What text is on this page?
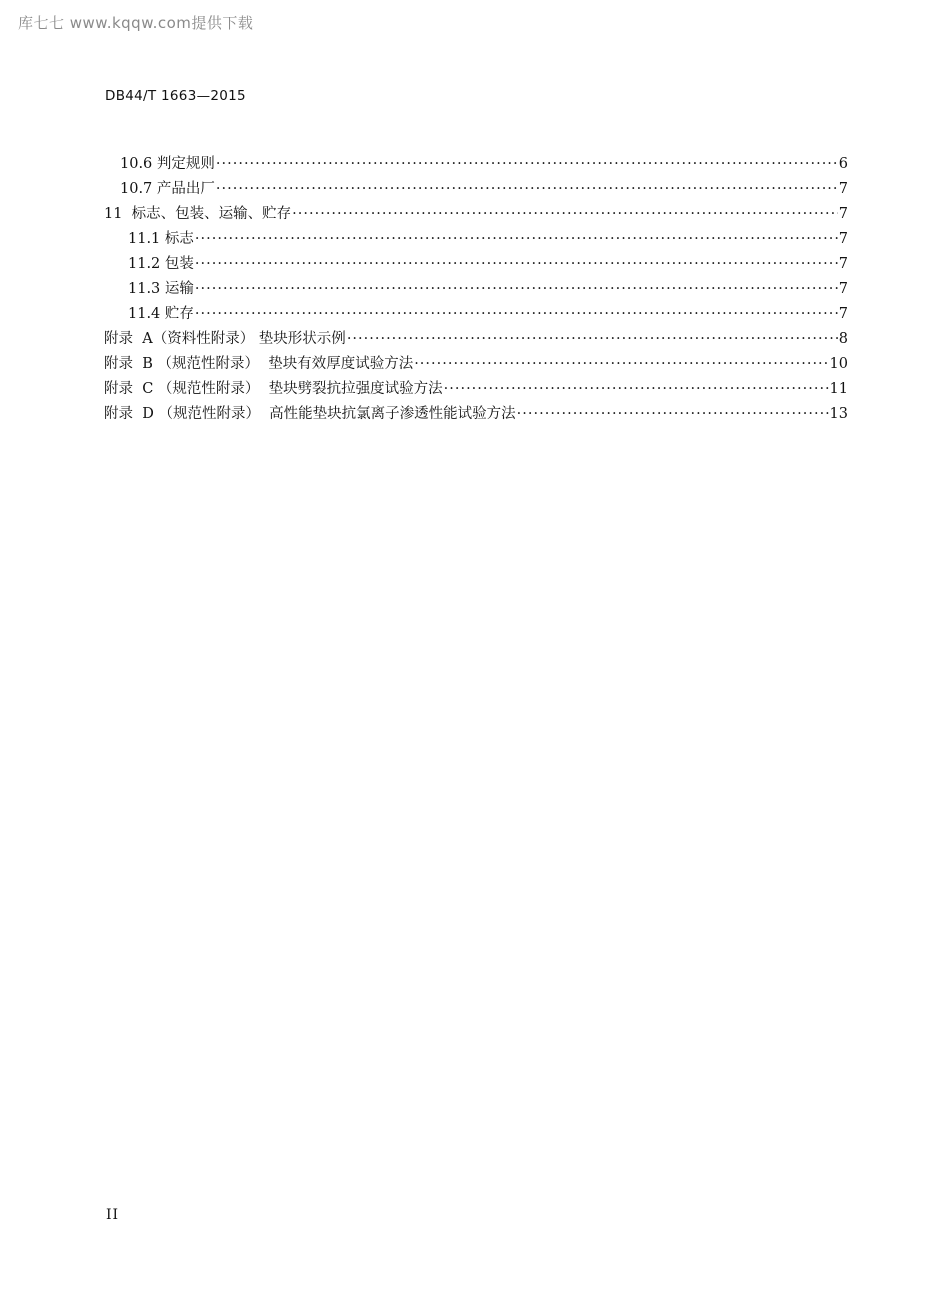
库七七 www.kqqw.com提供下载
DB44/T 1663—2015
10.6 判定规则 ·····	6
10.7 产品出厂 ·····	7
11  标志、包装、运输、贮存 ·····	7
11.1 标志 ·····	7
11.2 包装 ·····	7
11.3 运输 ·····	7
11.4 贮存 ·····	7
附录  A（资料性附录） 垫块形状示例 ·····	8
附录  B （规范性附录）  垫块有效厚度试验方法 ·····	10
附录  C （规范性附录）  垫块劈裂抗拉强度试验方法 ·····	11
附录  D （规范性附录）  高性能垫块抗氯离子渗透性能试验方法 ·····	13
II
